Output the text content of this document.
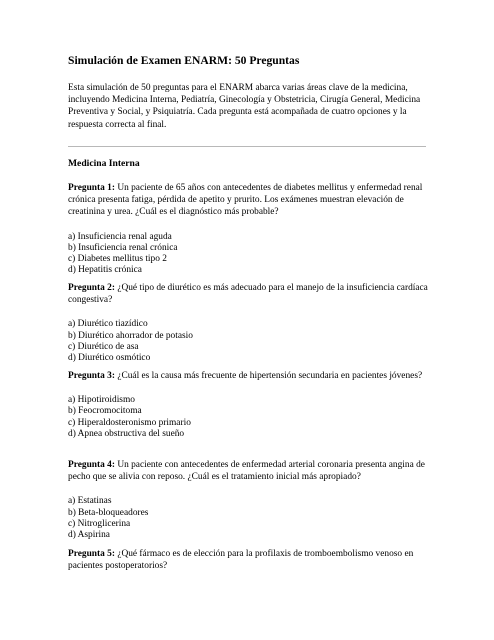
Simulación de Examen ENARM: 50 Preguntas

Esta simulación de 50 preguntas para el ENARM abarca varias áreas clave de la medicina, incluyendo Medicina Interna, Pediatría, Ginecología y Obstetricia, Cirugía General, Medicina Preventiva y Social, y Psiquiatría. Cada pregunta está acompañada de cuatro opciones y la respuesta correcta al final.

Medicina Interna

Pregunta 1: Un paciente de 65 años con antecedentes de diabetes mellitus y enfermedad renal crónica presenta fatiga, pérdida de apetito y prurito. Los exámenes muestran elevación de creatinina y urea. ¿Cuál es el diagnóstico más probable?

a) Insuficiencia renal aguda
b) Insuficiencia renal crónica
c) Diabetes mellitus tipo 2
d) Hepatitis crónica

Pregunta 2: ¿Qué tipo de diurético es más adecuado para el manejo de la insuficiencia cardíaca congestiva?

a) Diurético tiazídico
b) Diurético ahorrador de potasio
c) Diurético de asa
d) Diurético osmótico

Pregunta 3: ¿Cuál es la causa más frecuente de hipertensión secundaria en pacientes jóvenes?

a) Hipotiroidismo
b) Feocromocitoma
c) Hiperaldosteronismo primario
d) Apnea obstructiva del sueño

Pregunta 4: Un paciente con antecedentes de enfermedad arterial coronaria presenta angina de pecho que se alivia con reposo. ¿Cuál es el tratamiento inicial más apropiado?

a) Estatinas
b) Beta-bloqueadores
c) Nitroglicerina
d) Aspirina

Pregunta 5: ¿Qué fármaco es de elección para la profilaxis de tromboembolismo venoso en pacientes postoperatorios?
